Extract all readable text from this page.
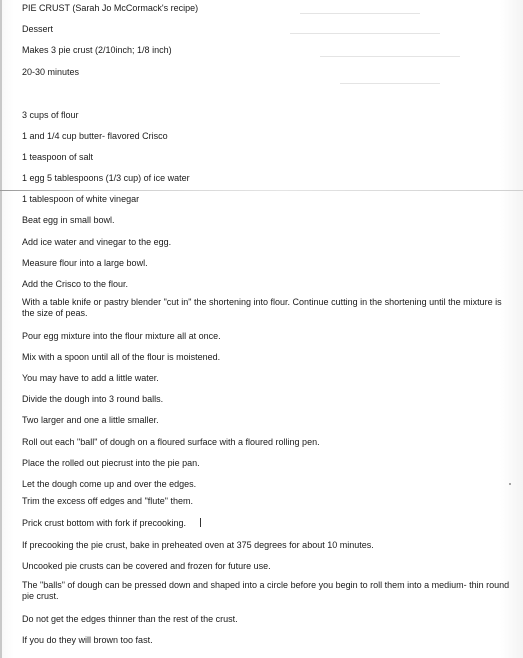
PIE CRUST (Sarah Jo McCormack's recipe)
Dessert
Makes 3 pie crust (2/10inch; 1/8 inch)
20-30 minutes
3 cups of flour
1 and 1/4 cup butter- flavored Crisco
1 teaspoon of salt
1 egg 5 tablespoons (1/3 cup) of ice water
1 tablespoon of white vinegar
Beat egg in small bowl.
Add ice water and vinegar to the egg.
Measure flour into a large bowl.
Add the Crisco to the flour.
With a table knife or pastry blender "cut in" the shortening into flour. Continue cutting in the shortening until the mixture is the size of peas.
Pour egg mixture into the flour mixture all at once.
Mix with a spoon until all of the flour is moistened.
You may have to add a little water.
Divide the dough into 3 round balls.
Two larger and one a little smaller.
Roll out each "ball" of dough on a floured surface with a floured rolling pen.
Place the rolled out piecrust into the pie pan.
Let the dough come up and over the edges.
Trim the excess off edges and "flute" them.
Prick crust bottom with fork if precooking.
If precooking the pie crust, bake in preheated oven at 375 degrees for about 10 minutes.
Uncooked pie crusts can be covered and frozen for future use.
The "balls" of dough can be pressed down and shaped into a circle before you begin to roll them into a medium- thin round pie crust.
Do not get the edges thinner than the rest of the crust.
If you do they will brown too fast.
